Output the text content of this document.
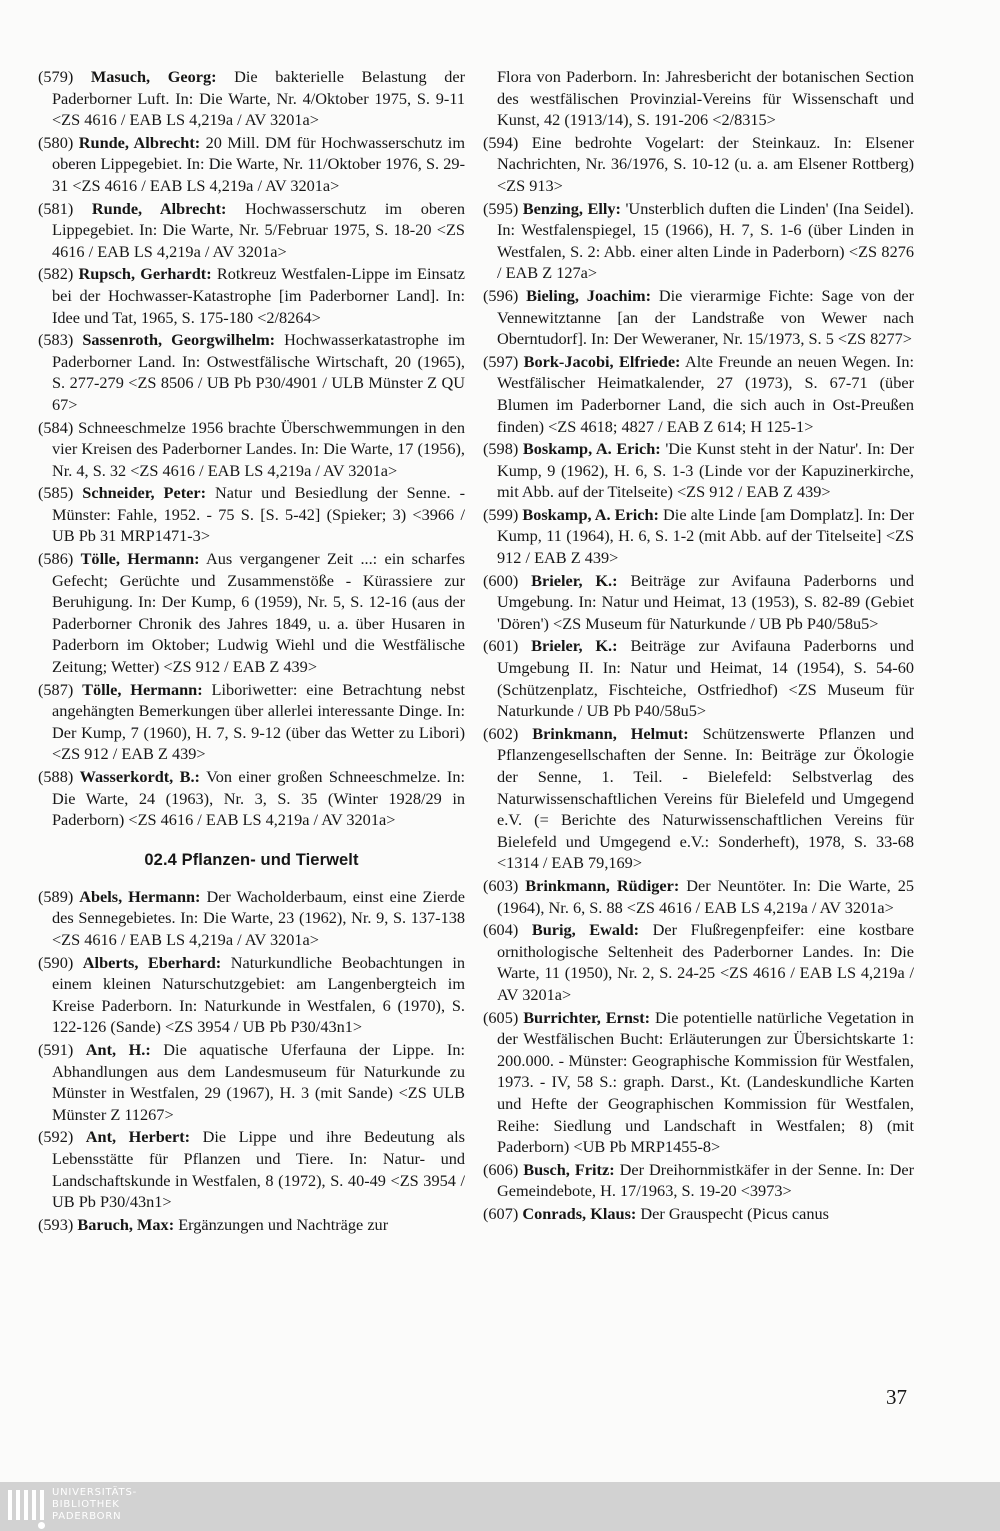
(579) Masuch, Georg: Die bakterielle Belastung der Paderborner Luft. In: Die Warte, Nr. 4/Oktober 1975, S. 9-11 <ZS 4616 / EAB LS 4,219a / AV 3201a>
(580) Runde, Albrecht: 20 Mill. DM für Hochwasserschutz im oberen Lippegebiet. In: Die Warte, Nr. 11/Oktober 1976, S. 29-31 <ZS 4616 / EAB LS 4,219a / AV 3201a>
(581) Runde, Albrecht: Hochwasserschutz im oberen Lippegebiet. In: Die Warte, Nr. 5/Februar 1975, S. 18-20 <ZS 4616 / EAB LS 4,219a / AV 3201a>
(582) Rupsch, Gerhardt: Rotkreuz Westfalen-Lippe im Einsatz bei der Hochwasser-Katastrophe [im Paderborner Land]. In: Idee und Tat, 1965, S. 175-180 <2/8264>
(583) Sassenroth, Georgwilhelm: Hochwasserkatastrophe im Paderborner Land. In: Ostwestfälische Wirtschaft, 20 (1965), S. 277-279 <ZS 8506 / UB Pb P30/4901 / ULB Münster Z QU 67>
(584) Schneeschmelze 1956 brachte Überschwemmungen in den vier Kreisen des Paderborner Landes. In: Die Warte, 17 (1956), Nr. 4, S. 32 <ZS 4616 / EAB LS 4,219a / AV 3201a>
(585) Schneider, Peter: Natur und Besiedlung der Senne. - Münster: Fahle, 1952. - 75 S. [S. 5-42] (Spieker; 3) <3966 / UB Pb 31 MRP1471-3>
(586) Tölle, Hermann: Aus vergangener Zeit ...: ein scharfes Gefecht; Gerüchte und Zusammenstöße - Kürassiere zur Beruhigung. In: Der Kump, 6 (1959), Nr. 5, S. 12-16 (aus der Paderborner Chronik des Jahres 1849, u. a. über Husaren in Paderborn im Oktober; Ludwig Wiehl und die Westfälische Zeitung; Wetter) <ZS 912 / EAB Z 439>
(587) Tölle, Hermann: Liboriwetter: eine Betrachtung nebst angehängten Bemerkungen über allerlei interessante Dinge. In: Der Kump, 7 (1960), H. 7, S. 9-12 (über das Wetter zu Libori) <ZS 912 / EAB Z 439>
(588) Wasserkordt, B.: Von einer großen Schneeschmelze. In: Die Warte, 24 (1963), Nr. 3, S. 35 (Winter 1928/29 in Paderborn) <ZS 4616 / EAB LS 4,219a / AV 3201a>
02.4 Pflanzen- und Tierwelt
(589) Abels, Hermann: Der Wacholderbaum, einst eine Zierde des Sennegebietes. In: Die Warte, 23 (1962), Nr. 9, S. 137-138 <ZS 4616 / EAB LS 4,219a / AV 3201a>
(590) Alberts, Eberhard: Naturkundliche Beobachtungen in einem kleinen Naturschutzgebiet: am Langenbergteich im Kreise Paderborn. In: Naturkunde in Westfalen, 6 (1970), S. 122-126 (Sande) <ZS 3954 / UB Pb P30/43n1>
(591) Ant, H.: Die aquatische Uferfauna der Lippe. In: Abhandlungen aus dem Landesmuseum für Naturkunde zu Münster in Westfalen, 29 (1967), H. 3 (mit Sande) <ZS ULB Münster Z 11267>
(592) Ant, Herbert: Die Lippe und ihre Bedeutung als Lebensstätte für Pflanzen und Tiere. In: Natur- und Landschaftskunde in Westfalen, 8 (1972), S. 40-49 <ZS 3954 / UB Pb P30/43n1>
(593) Baruch, Max: Ergänzungen und Nachträge zur
Flora von Paderborn. In: Jahresbericht der botanischen Section des westfälischen Provinzial-Vereins für Wissenschaft und Kunst, 42 (1913/14), S. 191-206 <2/8315>
(594) Eine bedrohte Vogelart: der Steinkauz. In: Elsener Nachrichten, Nr. 36/1976, S. 10-12 (u. a. am Elsener Rottberg) <ZS 913>
(595) Benzing, Elly: 'Unsterblich duften die Linden' (Ina Seidel). In: Westfalenspiegel, 15 (1966), H. 7, S. 1-6 (über Linden in Westfalen, S. 2: Abb. einer alten Linde in Paderborn) <ZS 8276 / EAB Z 127a>
(596) Bieling, Joachim: Die vierarmige Fichte: Sage von der Vennewitztanne [an der Landstraße von Wewer nach Oberntudorf]. In: Der Weweraner, Nr. 15/1973, S. 5 <ZS 8277>
(597) Bork-Jacobi, Elfriede: Alte Freunde an neuen Wegen. In: Westfälischer Heimatkalender, 27 (1973), S. 67-71 (über Blumen im Paderborner Land, die sich auch in Ost-Preußen finden) <ZS 4618; 4827 / EAB Z 614; H 125-1>
(598) Boskamp, A. Erich: 'Die Kunst steht in der Natur'. In: Der Kump, 9 (1962), H. 6, S. 1-3 (Linde vor der Kapuzinerkirche, mit Abb. auf der Titelseite) <ZS 912 / EAB Z 439>
(599) Boskamp, A. Erich: Die alte Linde [am Domplatz]. In: Der Kump, 11 (1964), H. 6, S. 1-2 (mit Abb. auf der Titelseite] <ZS 912 / EAB Z 439>
(600) Brieler, K.: Beiträge zur Avifauna Paderborns und Umgebung. In: Natur und Heimat, 13 (1953), S. 82-89 (Gebiet 'Dören') <ZS Museum für Naturkunde / UB Pb P40/58u5>
(601) Brieler, K.: Beiträge zur Avifauna Paderborns und Umgebung II. In: Natur und Heimat, 14 (1954), S. 54-60 (Schützenplatz, Fischteiche, Ostfriedhof) <ZS Museum für Naturkunde / UB Pb P40/58u5>
(602) Brinkmann, Helmut: Schützenswerte Pflanzen und Pflanzengesellschaften der Senne. In: Beiträge zur Ökologie der Senne, 1. Teil. - Bielefeld: Selbstverlag des Naturwissenschaftlichen Vereins für Bielefeld und Umgegend e.V. (= Berichte des Naturwissenschaftlichen Vereins für Bielefeld und Umgegend e.V.: Sonderheft), 1978, S. 33-68 <1314 / EAB 79,169>
(603) Brinkmann, Rüdiger: Der Neuntöter. In: Die Warte, 25 (1964), Nr. 6, S. 88 <ZS 4616 / EAB LS 4,219a / AV 3201a>
(604) Burig, Ewald: Der Flußregenpfeifer: eine kostbare ornithologische Seltenheit des Paderborner Landes. In: Die Warte, 11 (1950), Nr. 2, S. 24-25 <ZS 4616 / EAB LS 4,219a / AV 3201a>
(605) Burrichter, Ernst: Die potentielle natürliche Vegetation in der Westfälischen Bucht: Erläuterungen zur Übersichtskarte 1: 200.000. - Münster: Geographische Kommission für Westfalen, 1973. - IV, 58 S.: graph. Darst., Kt. (Landeskundliche Karten und Hefte der Geographischen Kommission für Westfalen, Reihe: Siedlung und Landschaft in Westfalen; 8) (mit Paderborn) <UB Pb MRP1455-8>
(606) Busch, Fritz: Der Dreihornmistkäfer in der Senne. In: Der Gemeindebote, H. 17/1963, S. 19-20 <3973>
(607) Conrads, Klaus: Der Grauspecht (Picus canus
37
UNIVERSITÄTS-
BIBLIOTHEK
PADERBORN
